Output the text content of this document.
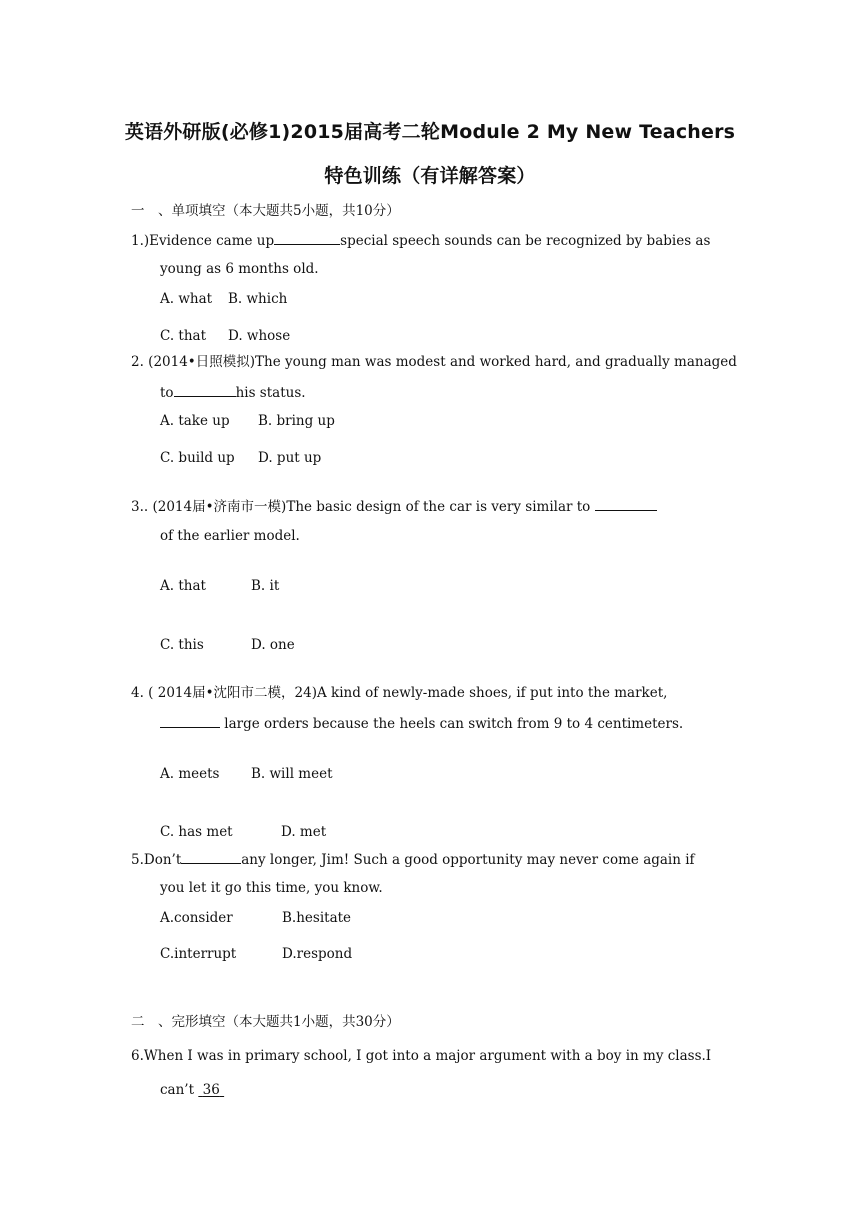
英语外研版(必修1)2015届高考二轮Module 2 My New Teachers
特色训练（有详解答案）
一　、单项填空（本大题共5小题，共10分）
1.)Evidence came up	special speech sounds can be recognized by babies as
young as 6 months old.
A. what B. which
C. that D. whose
2. (2014•日照模拟)The young man was modest and worked hard, and gradually managed
to	his status.
A. take up B. bring up
C. build up D. put up
3.. (2014届•济南市一模)The basic design of the car is very similar to
of the earlier model.
A. that	B. it
C. this	D. one
4. ( 2014届•沈阳市二模，24)A kind of newly-made shoes, if put into the market,
large orders because the heels can switch from 9 to 4 centimeters.
A. meets B. will meet
C. has met	D. met
5.Don’t	any longer, Jim! Such a good opportunity may never come again if
you let it go this time, you know.
A.consider	B.hesitate
C.interrupt	D.respond
二　、完形填空（本大题共1小题，共30分）
6.When I was in primary school, I got into a major argument with a boy in my class.I
can’t 36
